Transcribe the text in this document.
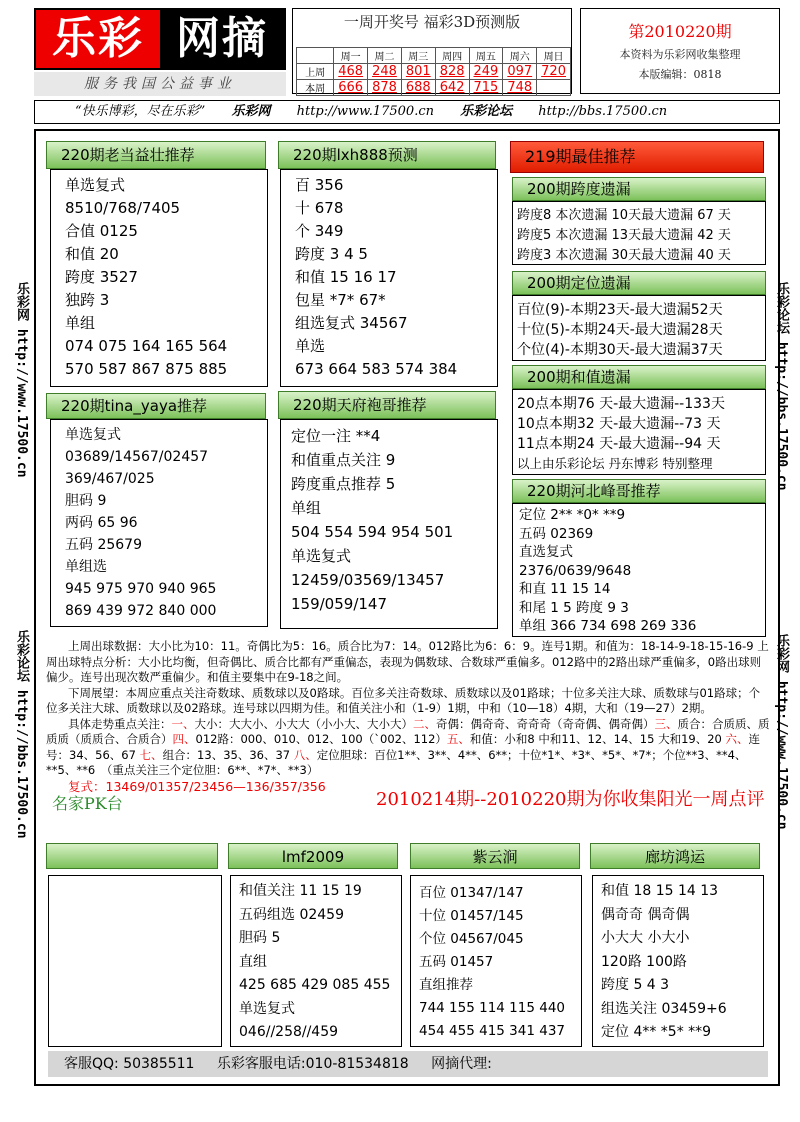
乐彩 网摘
服务我国公益事业
一周开奖号 福彩3D预测版
	周一	周二	周三	周四	周五	周六	周日
上周	468	248	801	828	249	097	720
本周	666	878	688	642	715	748	
第2010220期
本资料为乐彩网收集整理
本版编辑：0818
“快乐博彩，尽在乐彩” 乐彩网 http://www.17500.cn 乐彩论坛 http://bbs.17500.cn
乐彩网 http://www.17500.cn
乐彩论坛 http://bbs.17500.cn
乐彩论坛 http://bbs.17500.cn
乐彩网 http://www.17500.cn
220期老当益壮推荐
单选复式
8510/768/7405
合值 0125
和值 20
跨度 3527
独跨 3
单组
074 075 164 165 564
570 587 867 875 885
220期lxh888预测
百 356
十 678
个 349
跨度 3 4 5
和值 15 16 17
包星 *7* 67*
组选复式 34567
单选
673 664 583 574 384
219期最佳推荐
200期跨度遗漏
跨度8 本次遗漏 10天最大遗漏 67 天
跨度5 本次遗漏 13天最大遗漏 42 天
跨度3 本次遗漏 30天最大遗漏 40 天
200期定位遗漏
百位(9)-本期23天-最大遗漏52天
十位(5)-本期24天-最大遗漏28天
个位(4)-本期30天-最大遗漏37天
200期和值遗漏
20点本期76 天-最大遗漏--133天
10点本期32 天-最大遗漏--73 天
11点本期24 天-最大遗漏--94 天
以上由乐彩论坛 丹东博彩 特别整理
220期河北峰哥推荐
定位 2** *0* **9
五码 02369
直选复式
2376/0639/9648
和直 11 15 14
和尾 1 5 跨度 9 3
单组 366 734 698 269 336
220期tina_yaya推荐
单选复式
03689/14567/02457
369/467/025
胆码 9
两码 65 96
五码 25679
单组选
945 975 970 940 965
869 439 972 840 000
220期天府袍哥推荐
定位一注 **4
和值重点关注 9
跨度重点推荐 5
单组
504 554 594 954 501
单选复式
12459/03569/13457
159/059/147

上周出球数据：大小比为10：11。奇偶比为5：16。质合比为7：14。012路比为6：6：9。连号1期。和值为：18-14-9-18-15-16-9 上周出球特点分析：大小比均衡，但奇偶比、质合比都有严重偏态，表现为偶数球、合数球严重偏多。012路中的2路出球严重偏多，0路出球则偏少。连号出现次数严重偏少。和值主要集中在9-18之间。

下周展望：本周应重点关注奇数球、质数球以及0路球。百位多关注奇数球、质数球以及01路球；十位多关注大球、质数球与01路球；个位多关注大球、质数球以及02路球。连号球以四期为佳。和值关注小和（1-9）1期，中和（10—18）4期，大和（19—27）2期。

具体走势重点关注：一、大小：大大小、小大大（小小大、大小大）二、奇偶：偶奇奇、奇奇奇（奇奇偶、偶奇偶）三、质合：合质质、质质质（质质合、合质合）四、012路：000、010、012、100（`002、112）五、和值：小和8 中和11、12、14、15 大和19、20 六、连号：34、56、67 七、组合：13、35、36、37 八、定位胆球：百位1**、3**、4**、6**；十位*1*、*3*、*5*、*7*；个位**3、**4、**5、**6　（重点关注三个定位胆：6**、*7*、**3）

复式：13469/01357/23456—136/357/356

名家PK台	2010214期--2010220期为你收集阳光一周点评
lmf2009
和值关注 11 15 19
五码组选 02459
胆码 5
直组
425 685 429 085 455
单选复式
046//258//459
紫云涧
百位 01347/147
十位 01457/145
个位 04567/045
五码 01457
直组推荐
744 155 114 115 440
454 455 415 341 437
廊坊鸿运
和值 18 15 14 13
偶奇奇 偶奇偶
小大大 小大小
120路 100路
跨度 5 4 3
组选关注 03459+6
定位 4** *5* **9
客服QQ: 50385511 乐彩客服电话:010-81534818 网摘代理:
